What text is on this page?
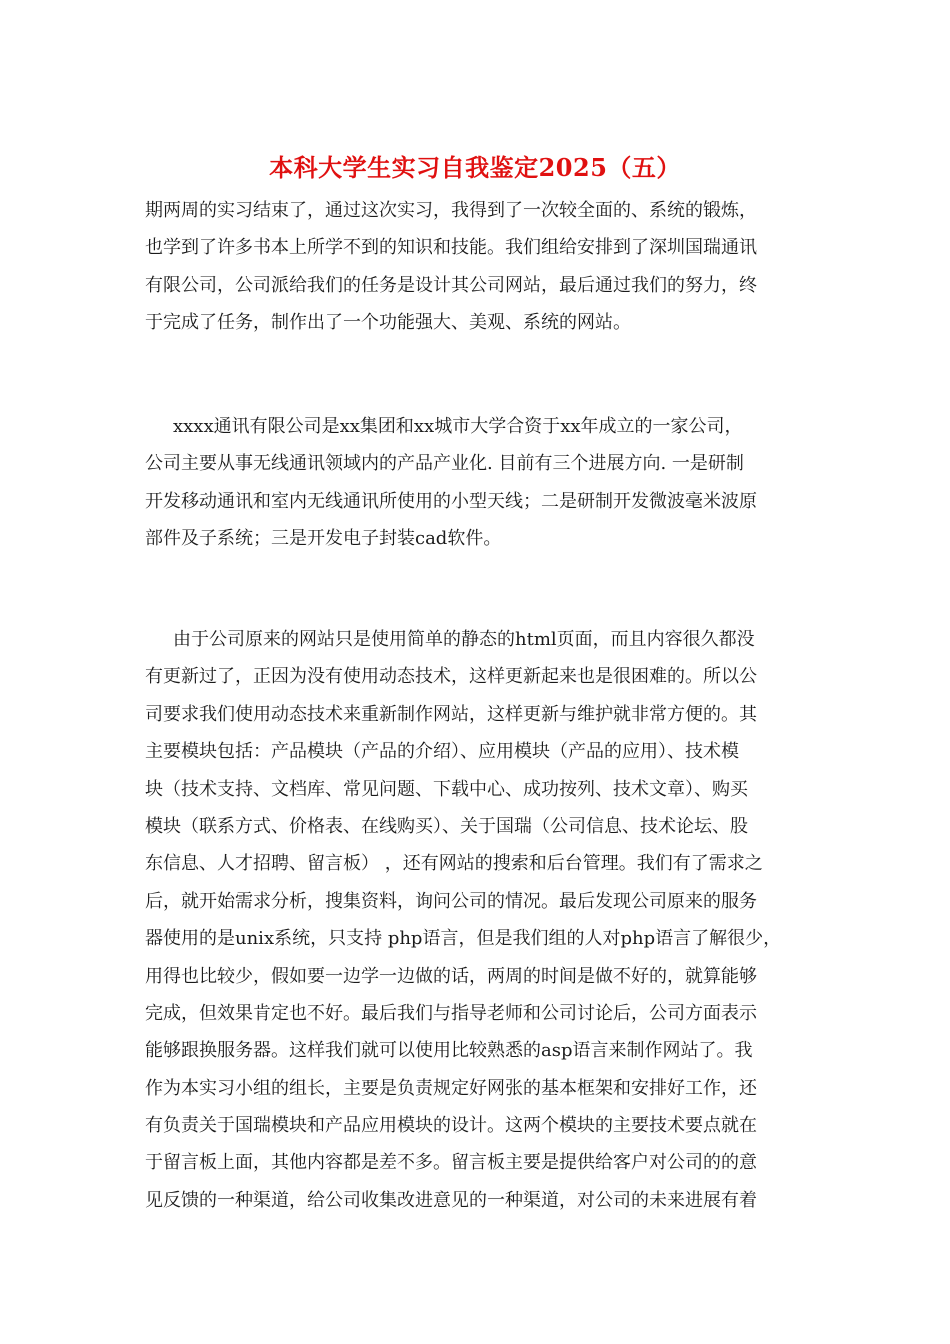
本科大学生实习自我鉴定2025（五）
期两周的实习结束了，通过这次实习，我得到了一次较全面的、系统的锻炼，
也学到了许多书本上所学不到的知识和技能。我们组给安排到了深圳国瑞通讯
有限公司，公司派给我们的任务是设计其公司网站，最后通过我们的努力，终
于完成了任务，制作出了一个功能强大、美观、系统的网站。
xxxx通讯有限公司是xx集团和xx城市大学合资于xx年成立的一家公司，
公司主要从事无线通讯领域内的产品产业化. 目前有三个进展方向. 一是研制
开发移动通讯和室内无线通讯所使用的小型天线；二是研制开发微波毫米波原
部件及子系统；三是开发电子封装cad软件。
由于公司原来的网站只是使用简单的静态的html页面，而且内容很久都没
有更新过了，正因为没有使用动态技术，这样更新起来也是很困难的。所以公
司要求我们使用动态技术来重新制作网站，这样更新与维护就非常方便的。其
主要模块包括：产品模块（产品的介绍）、应用模块（产品的应用）、技术模
块（技术支持、文档库、常见问题、下载中心、成功按列、技术文章）、购买
模块（联系方式、价格表、在线购买）、关于国瑞（公司信息、技术论坛、股
东信息、人才招聘、留言板） ，还有网站的搜索和后台管理。我们有了需求之
后，就开始需求分析，搜集资料，询问公司的情况。最后发现公司原来的服务
器使用的是unix系统，只支持 php语言，但是我们组的人对php语言了解很少，
用得也比较少，假如要一边学一边做的话，两周的时间是做不好的，就算能够
完成，但效果肯定也不好。最后我们与指导老师和公司讨论后，公司方面表示
能够跟换服务器。这样我们就可以使用比较熟悉的asp语言来制作网站了。我
作为本实习小组的组长，主要是负责规定好网张的基本框架和安排好工作，还
有负责关于国瑞模块和产品应用模块的设计。这两个模块的主要技术要点就在
于留言板上面，其他内容都是差不多。留言板主要是提供给客户对公司的的意
见反馈的一种渠道，给公司收集改进意见的一种渠道，对公司的未来进展有着
